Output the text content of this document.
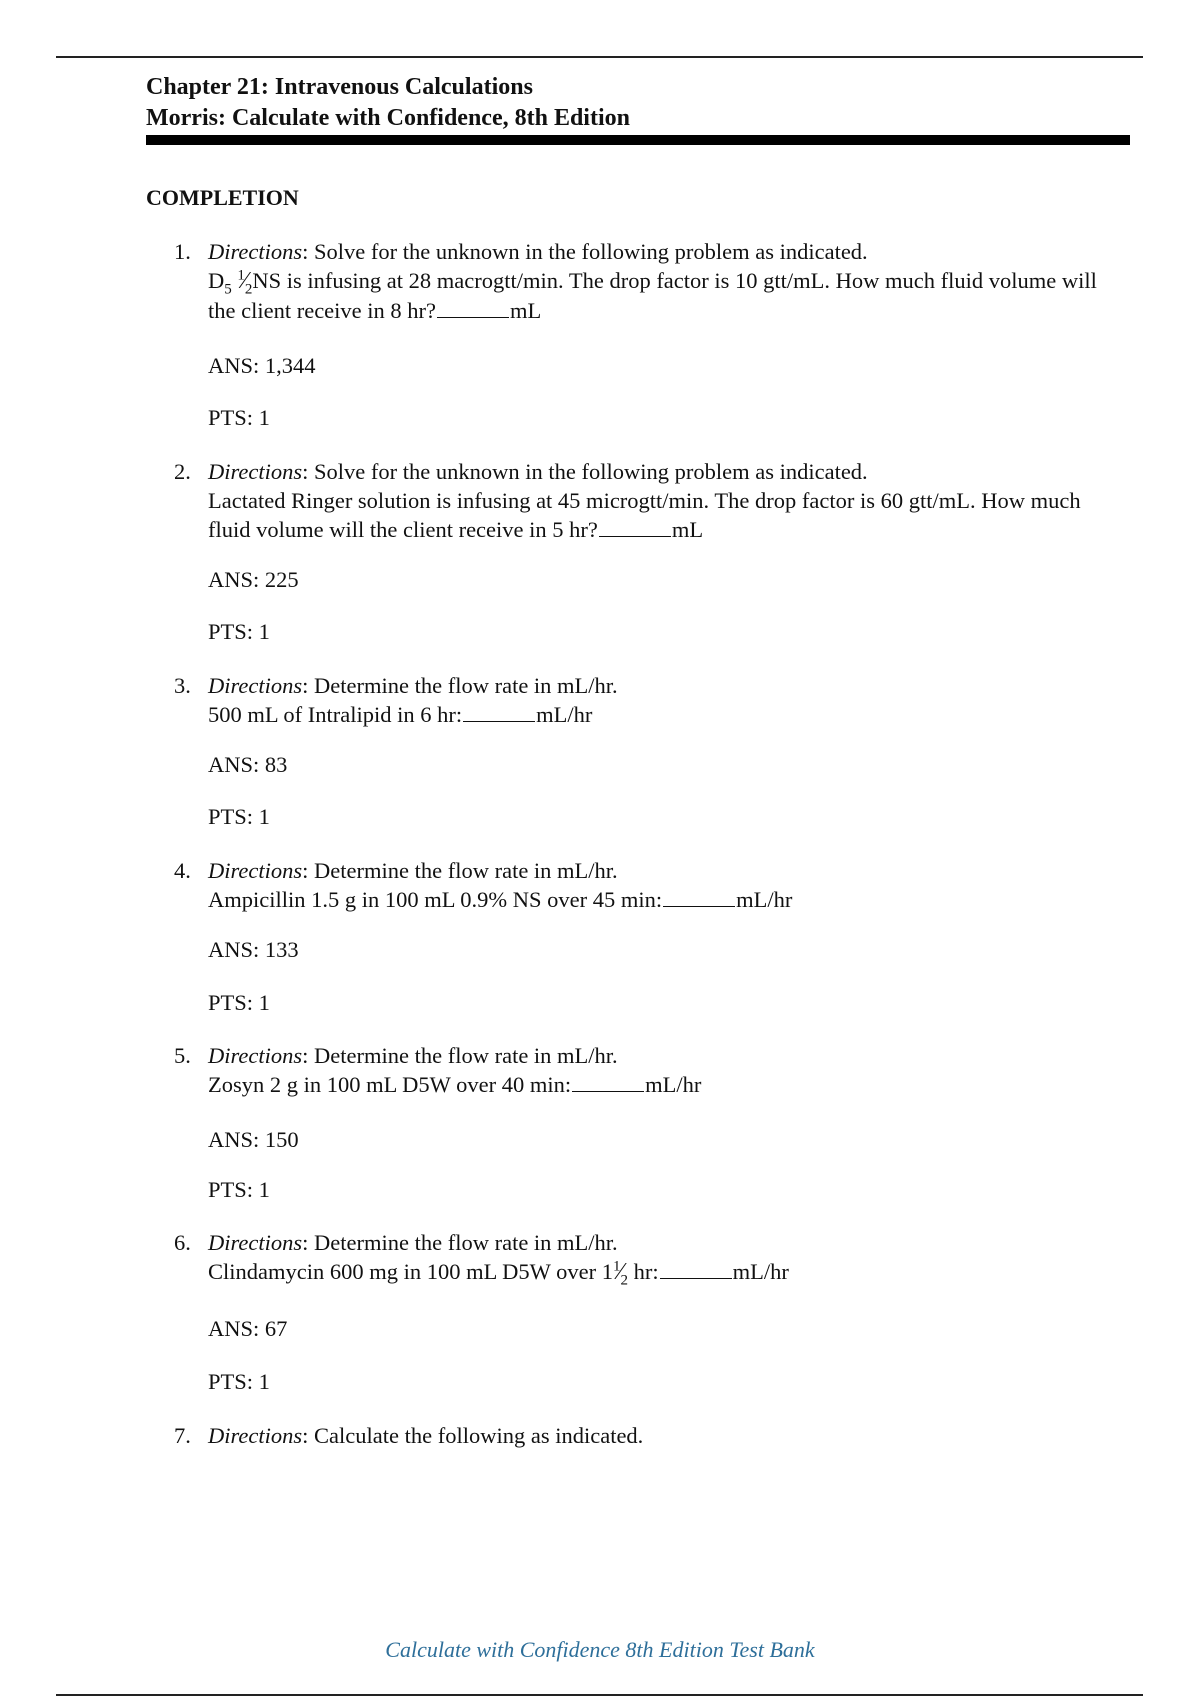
Chapter 21: Intravenous Calculations
Morris: Calculate with Confidence, 8th Edition
COMPLETION
1. Directions: Solve for the unknown in the following problem as indicated.
$D_5$ $^1⁄_2NS$ is infusing at 28 macrogtt/min. The drop factor is 10 gtt/mL. How much fluid volume will the client receive in 8 hr?	mL
ANS: 1,344
PTS: 1
2. Directions: Solve for the unknown in the following problem as indicated.
Lactated Ringer solution is infusing at 45 microgtt/min. The drop factor is 60 gtt/mL. How much fluid volume will the client receive in 5 hr?	mL
ANS: 225
PTS: 1
3. Directions: Determine the flow rate in mL/hr.
500 mL of Intralipid in 6 hr:	mL/hr
ANS: 83
PTS: 1
4. Directions: Determine the flow rate in mL/hr.
Ampicillin 1.5 g in 100 mL 0.9% NS over 45 min:	mL/hr
ANS: 133
PTS: 1
5. Directions: Determine the flow rate in mL/hr.
Zosyn 2 g in 100 mL D5W over 40 min:	mL/hr
ANS: 150
PTS: 1
6. Directions: Determine the flow rate in mL/hr.
Clindamycin 600 mg in 100 mL D5W over $1^1⁄_2$ hr:	mL/hr
ANS: 67
PTS: 1
7. Directions: Calculate the following as indicated.
Calculate with Confidence 8th Edition Test Bank
